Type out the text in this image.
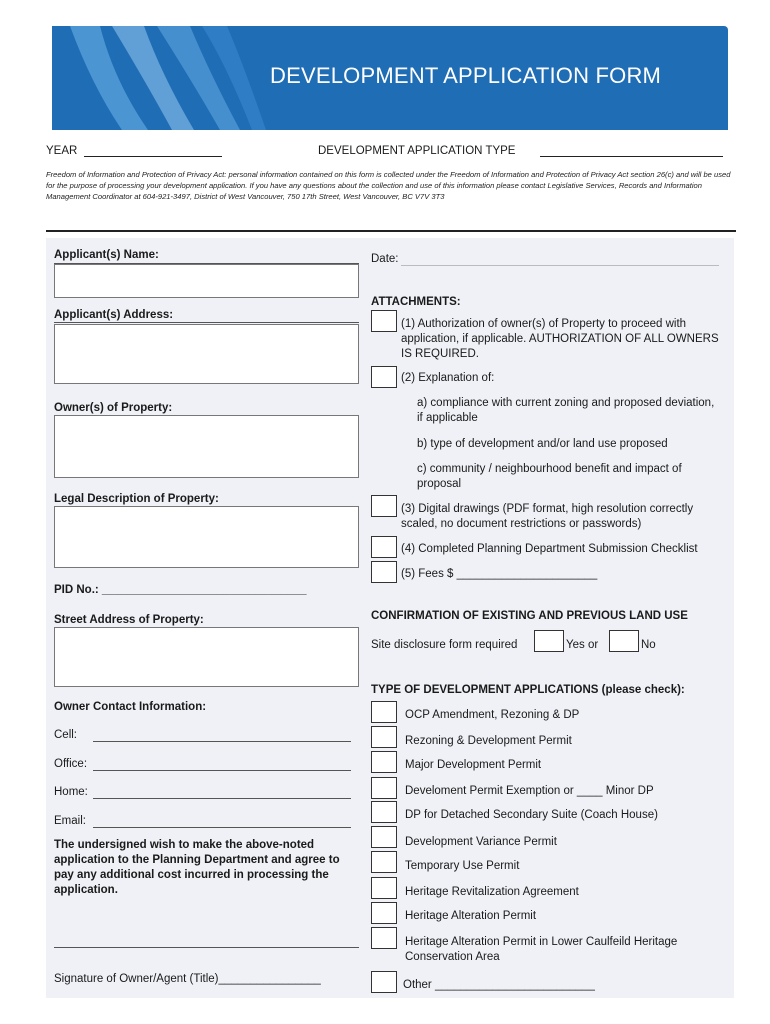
DEVELOPMENT APPLICATION FORM
YEAR	DEVELOPMENT APPLICATION TYPE
Freedom of Information and Protection of Privacy Act: personal information contained on this form is collected under the Freedom of Information and Protection of Privacy Act section 26(c) and will be used for the purpose of processing your development application. If you have any questions about the collection and use of this information please contact Legislative Services, Records and Information Management Coordinator at 604-921-3497, District of West Vancouver, 750 17th Street, West Vancouver, BC V7V 3T3
Applicant(s) Name:
Applicant(s) Address:
Owner(s) of Property:
Legal Description of Property:
PID No.: ________________________________
Street Address of Property:
Owner Contact Information:
Cell:
Office:
Home:
Email:
The undersigned wish to make the above-noted application to the Planning Department and agree to pay any additional cost incurred in processing the application.
Signature of Owner/Agent (Title)________________
Date:
ATTACHMENTS:
(1) Authorization of owner(s) of Property to proceed with application, if applicable. AUTHORIZATION OF ALL OWNERS IS REQUIRED.
(2) Explanation of:
a) compliance with current zoning and proposed deviation, if applicable
b) type of development and/or land use proposed
c) community / neighbourhood benefit and impact of proposal
(3) Digital drawings (PDF format, high resolution correctly scaled, no document restrictions or passwords)
(4) Completed Planning Department Submission Checklist
(5) Fees $ ______________________
CONFIRMATION OF EXISTING AND PREVIOUS LAND USE
Site disclosure form required	Yes or	No
TYPE OF DEVELOPMENT APPLICATIONS (please check):
OCP Amendment, Rezoning & DP
Rezoning & Development Permit
Major Development Permit
Develoment Permit Exemption or ____ Minor DP
DP for Detached Secondary Suite (Coach House)
Development Variance Permit
Temporary Use Permit
Heritage Revitalization Agreement
Heritage Alteration Permit
Heritage Alteration Permit in Lower Caulfeild Heritage Conservation Area
Other _________________________
